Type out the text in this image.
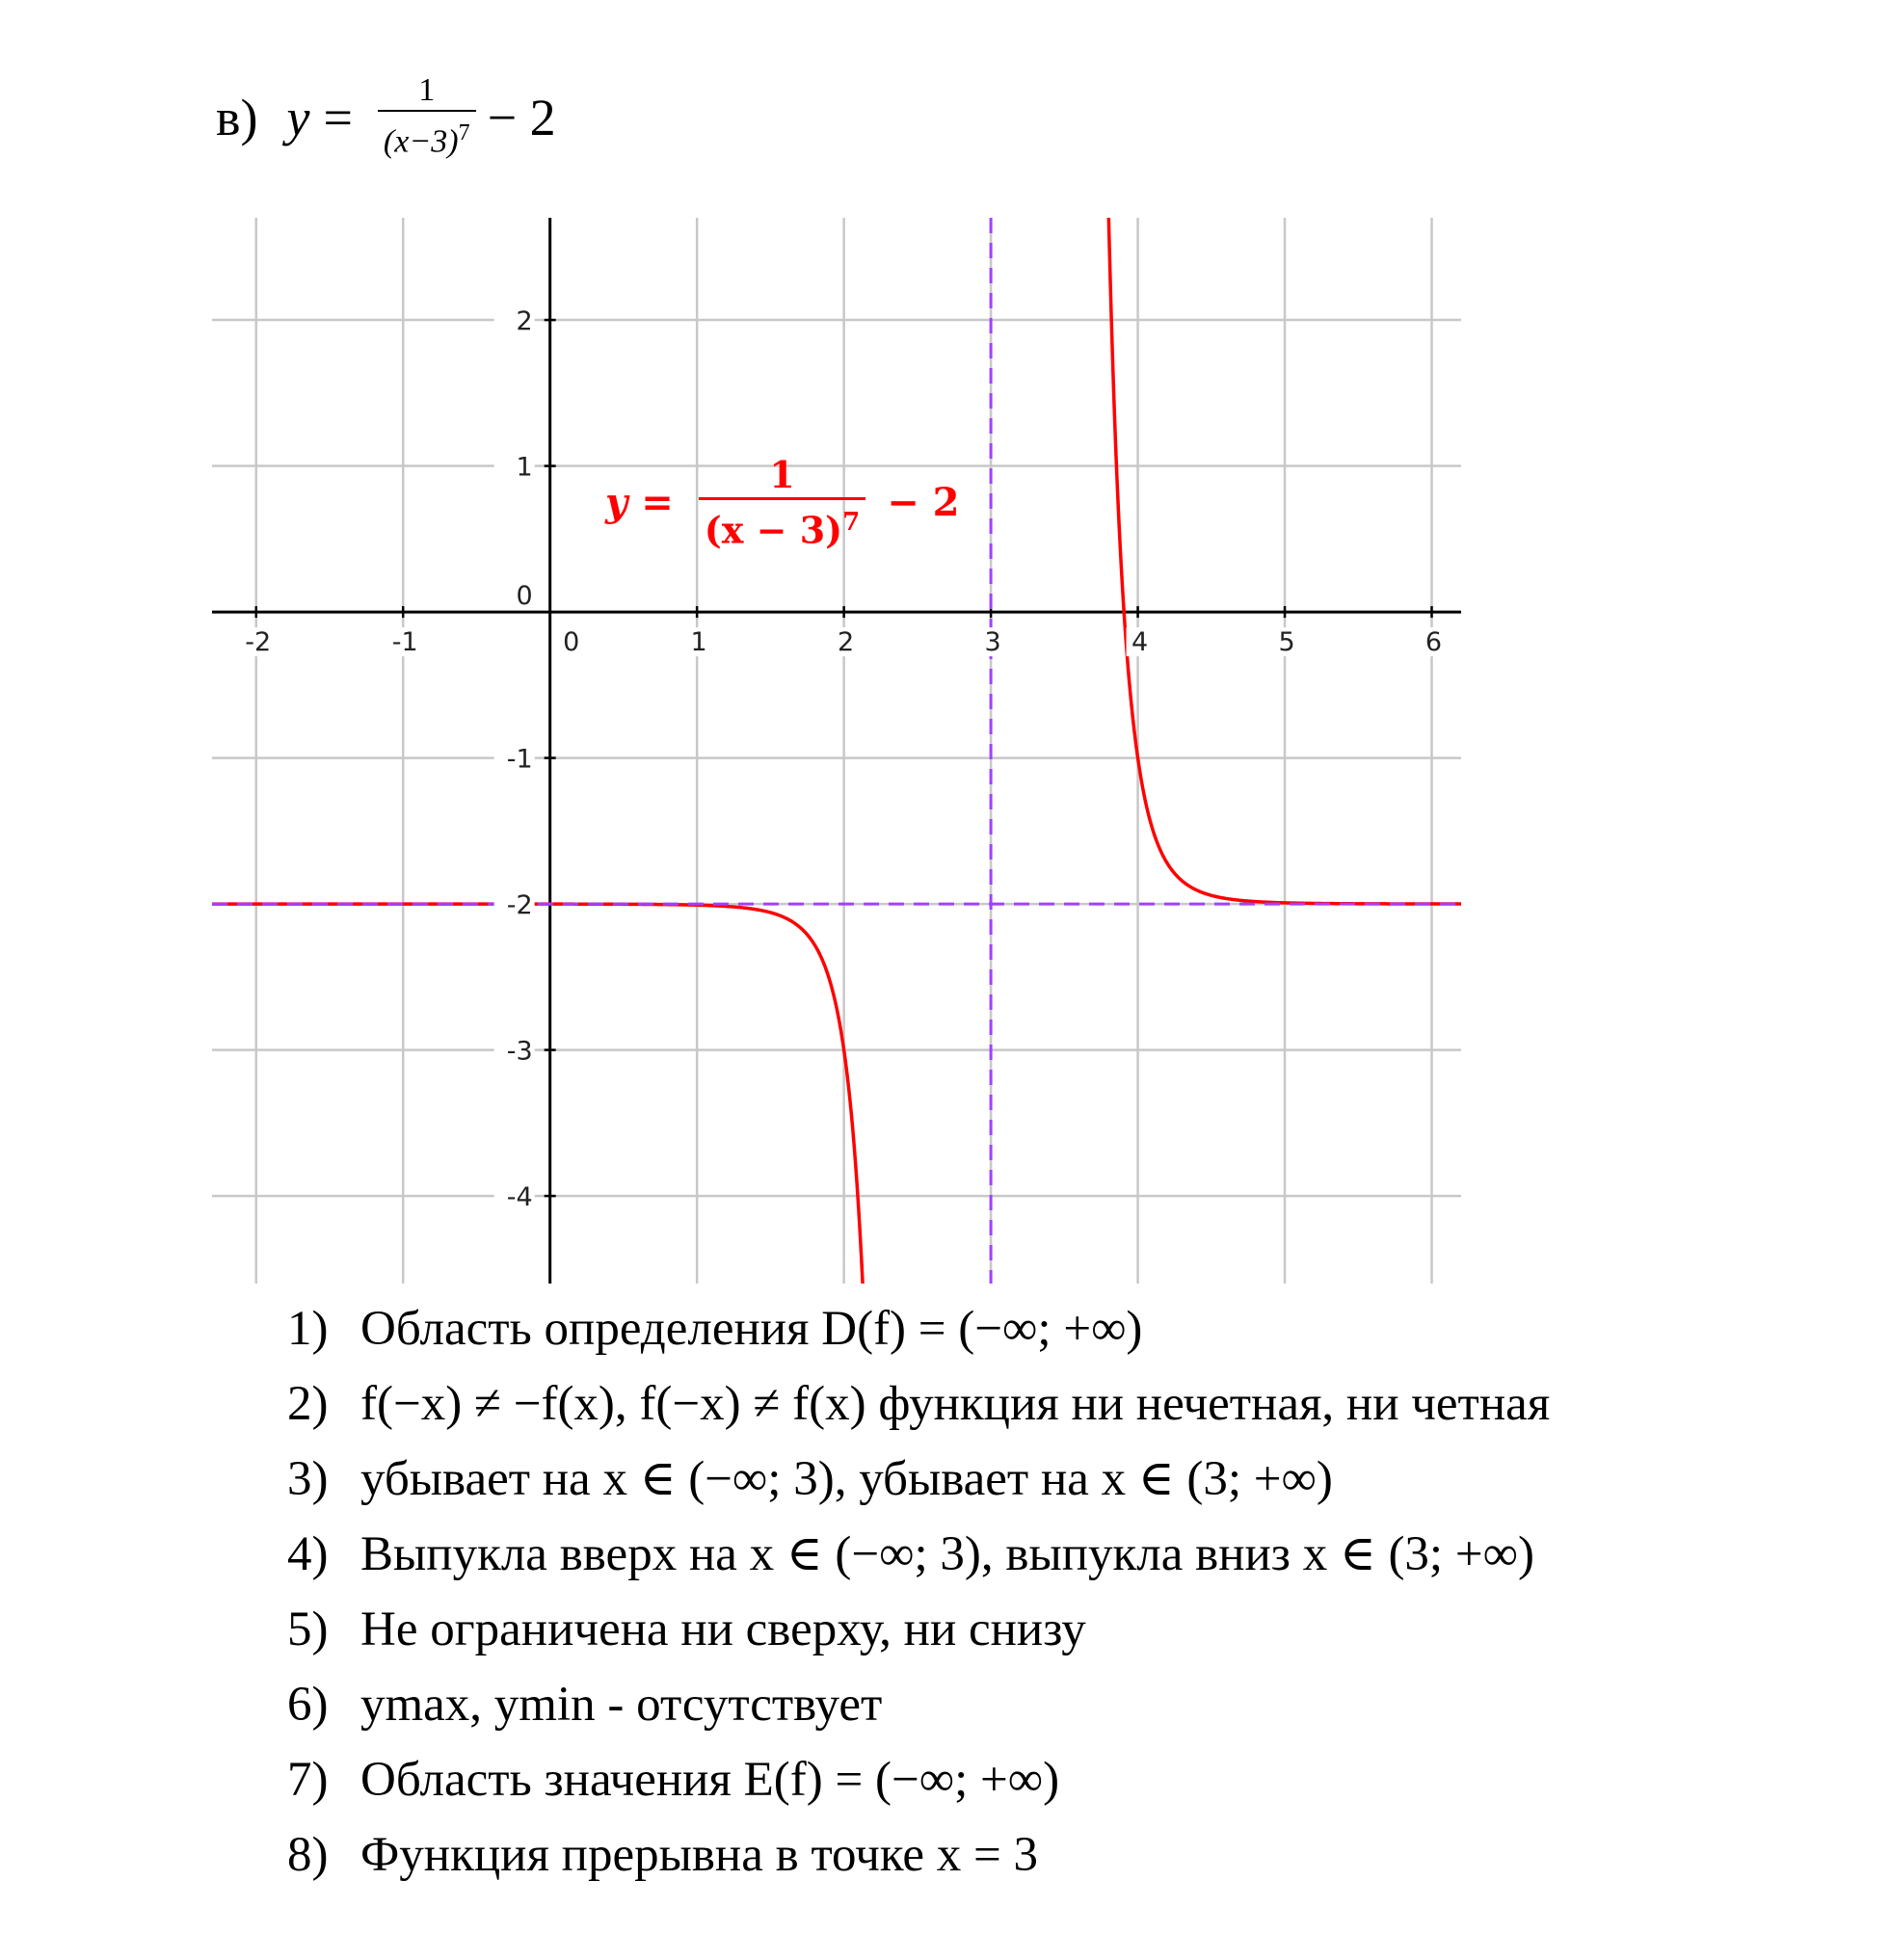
в) $y = \frac{1}{(x-3)^7} - 2$
-2	-1	0	1	2	3	4	5	6
2
1
0
-1
-2
-3
-4
$y = \frac{1}{(x - 3)^7} - 2$
1) Область определения D(f) = (−∞; +∞)
2) f(−x) ≠ −f(x), f(−x) ≠ f(x) функция ни нечетная, ни четная
3) убывает на x ∈ (−∞; 3), убывает на x ∈ (3; +∞)
4) Выпукла вверх на x ∈ (−∞; 3), выпукла вниз x ∈ (3; +∞)
5) Не ограничена ни сверху, ни снизу
6) ymax, ymin - отсутствует
7) Область значения E(f) = (−∞; +∞)
8) Функция прерывна в точке x = 3
